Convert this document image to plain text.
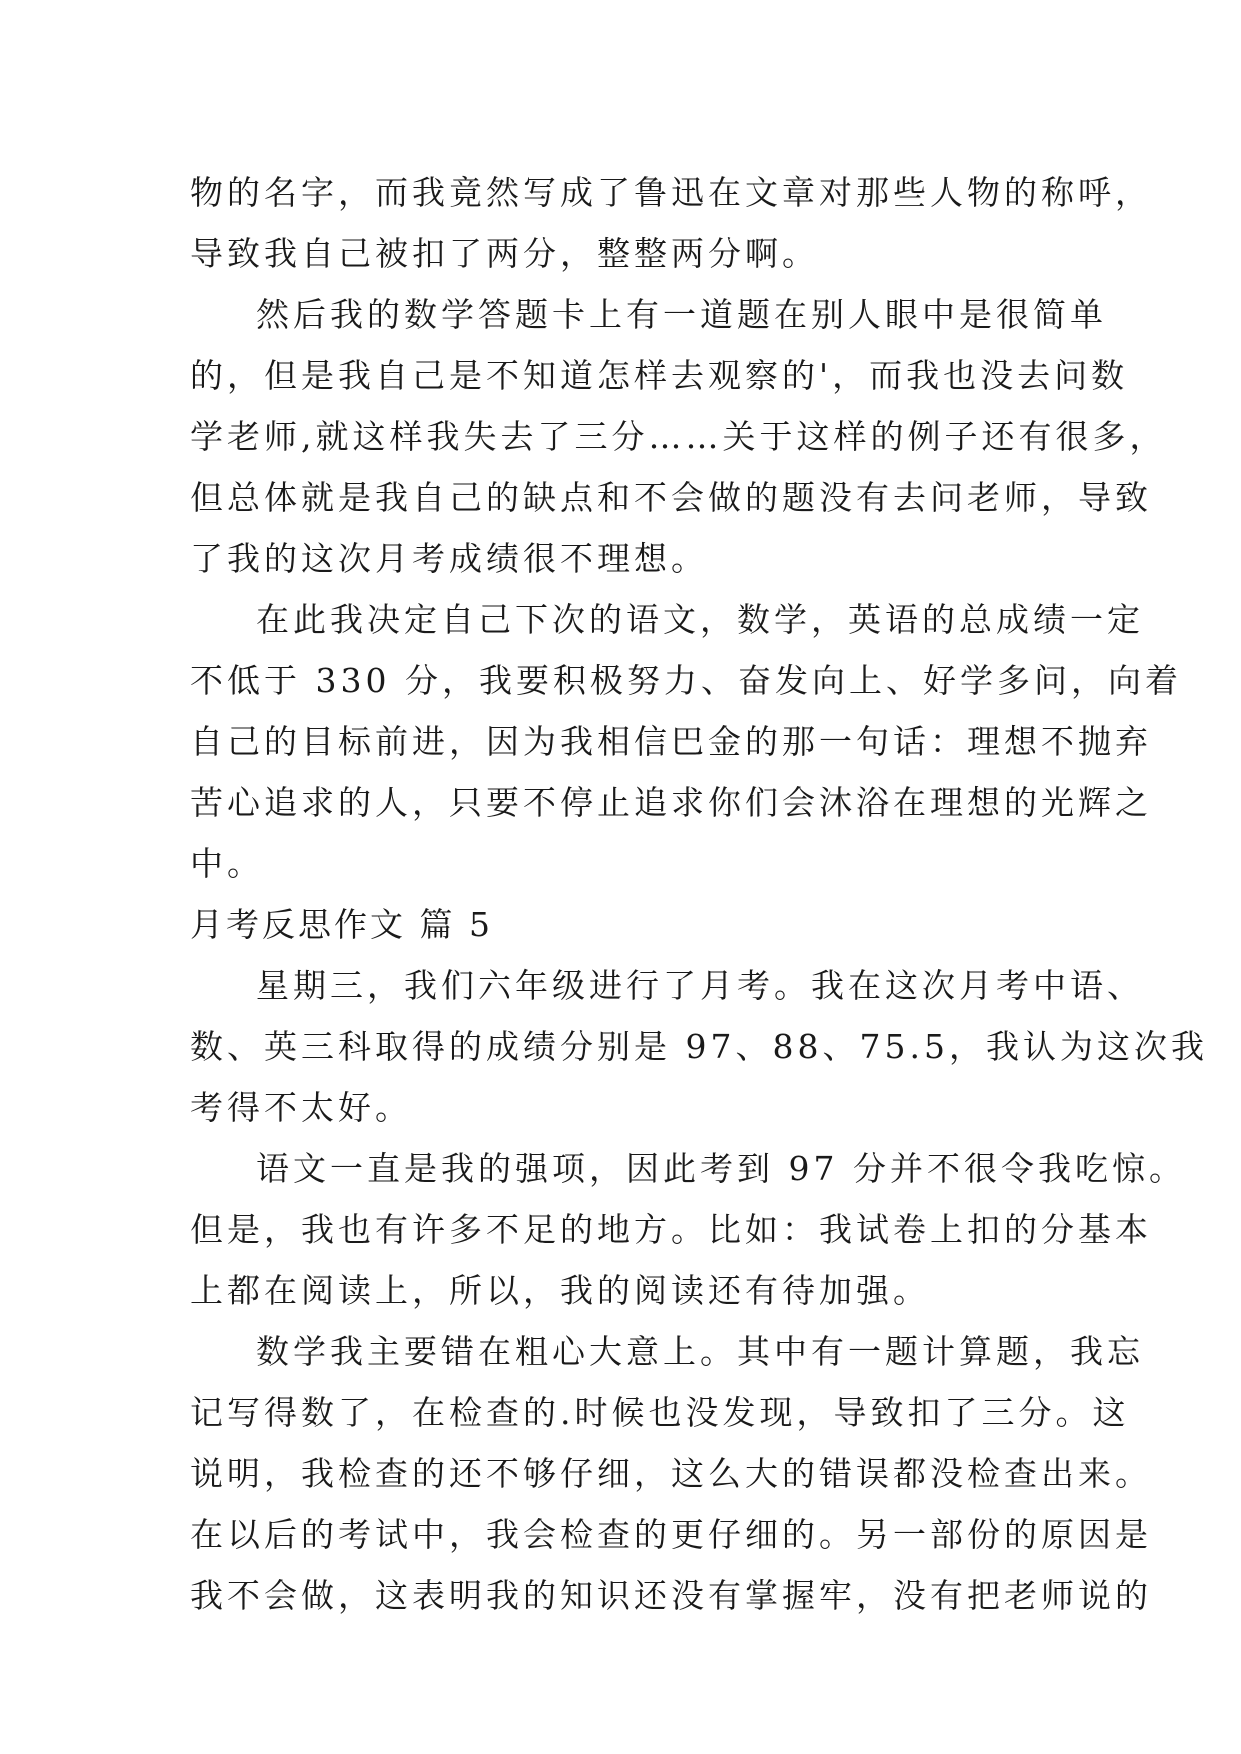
物的名字，而我竟然写成了鲁迅在文章对那些人物的称呼，
导致我自己被扣了两分，整整两分啊。
然后我的数学答题卡上有一道题在别人眼中是很简单
的，但是我自己是不知道怎样去观察的'，而我也没去问数
学老师,就这样我失去了三分……关于这样的例子还有很多，
但总体就是我自己的缺点和不会做的题没有去问老师，导致
了我的这次月考成绩很不理想。
在此我决定自己下次的语文，数学，英语的总成绩一定
不低于 330 分，我要积极努力、奋发向上、好学多问，向着
自己的目标前进，因为我相信巴金的那一句话：理想不抛弃
苦心追求的人，只要不停止追求你们会沐浴在理想的光辉之
中。
月考反思作文 篇 5
星期三，我们六年级进行了月考。我在这次月考中语、
数、英三科取得的成绩分别是 97、88、75.5，我认为这次我
考得不太好。
语文一直是我的强项，因此考到 97 分并不很令我吃惊。
但是，我也有许多不足的地方。比如：我试卷上扣的分基本
上都在阅读上，所以，我的阅读还有待加强。
数学我主要错在粗心大意上。其中有一题计算题，我忘
记写得数了，在检查的.时候也没发现，导致扣了三分。这
说明，我检查的还不够仔细，这么大的错误都没检查出来。
在以后的考试中，我会检查的更仔细的。另一部份的原因是
我不会做，这表明我的知识还没有掌握牢，没有把老师说的
